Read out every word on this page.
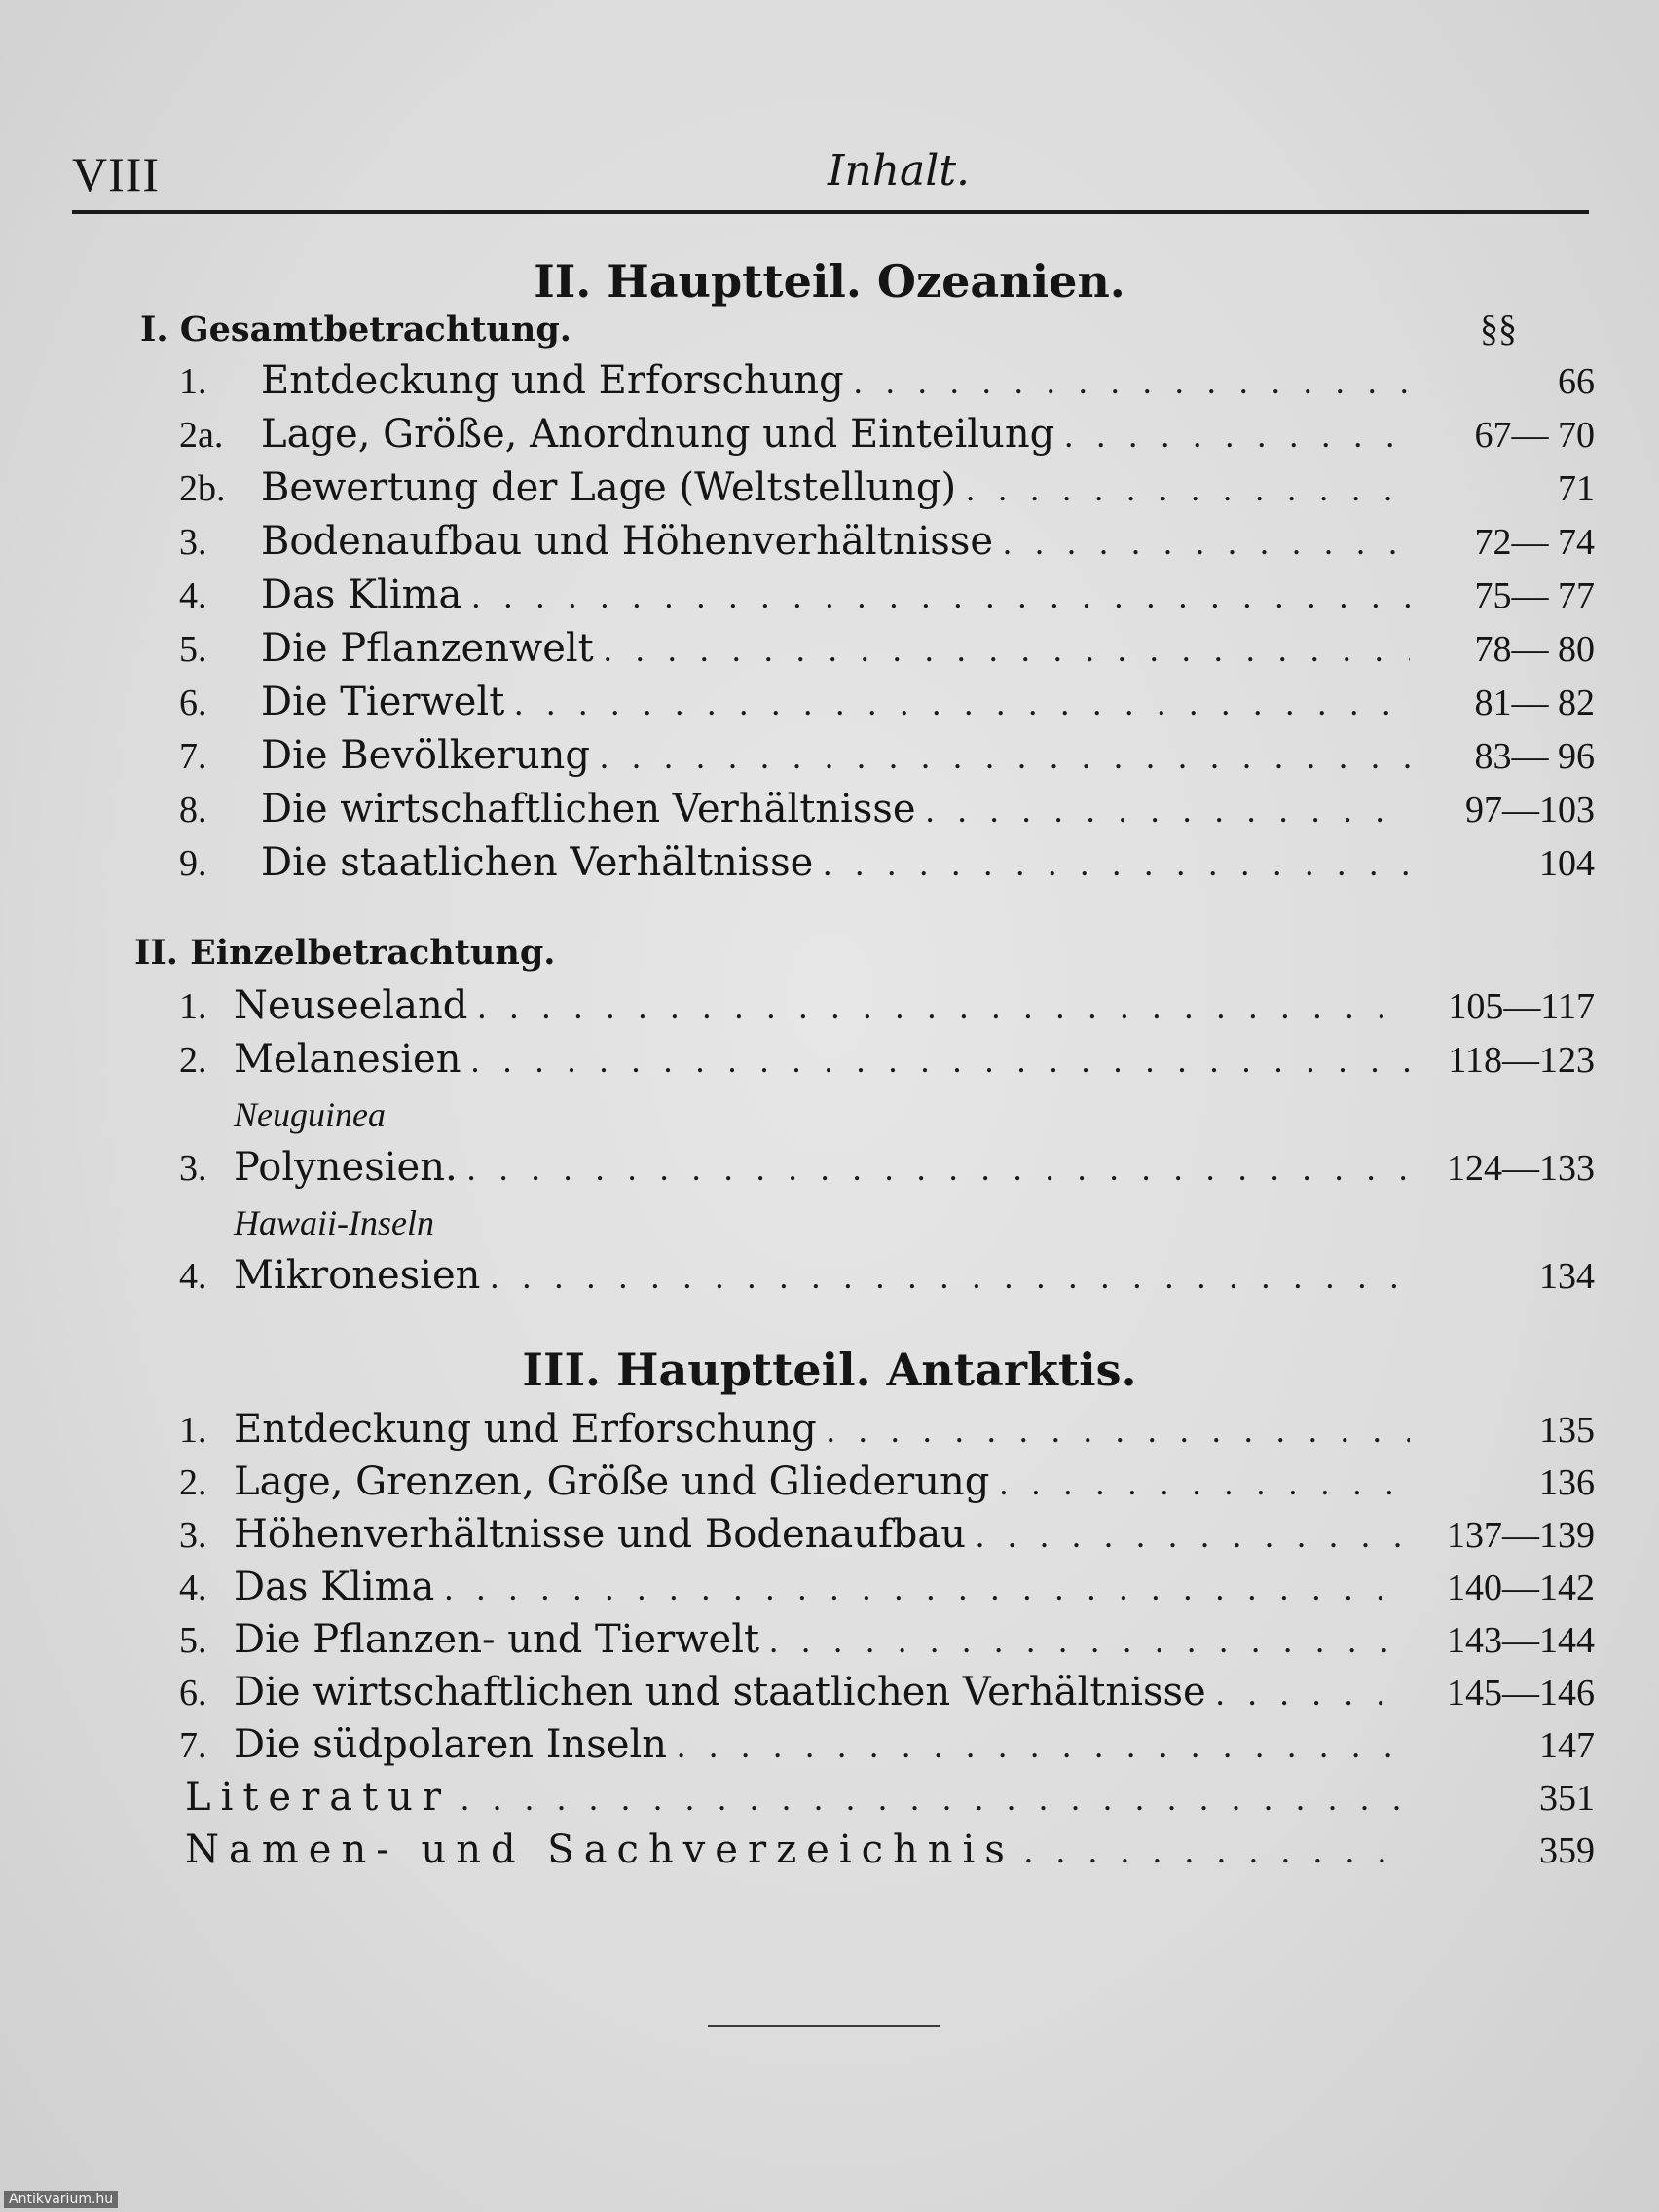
VIII	Inhalt.
II. Hauptteil. Ozeanien.
I. Gesamtbetrachtung.	§§
1.	Entdeckung und Erforschung . . .	66
2a. Lage, Größe, Anordnung und Einteilung . . .	67— 70
2b. Bewertung der Lage (Weltstellung) . . .	71
3.	Bodenaufbau und Höhenverhältnisse . . .	72— 74
4.	Das Klima . . .	75— 77
5.	Die Pflanzenwelt . . .	78— 80
6.	Die Tierwelt . . .	81— 82
7.	Die Bevölkerung . . .	83— 96
8.	Die wirtschaftlichen Verhältnisse . . .	97—103
9.	Die staatlichen Verhältnisse . . .	104
II. Einzelbetrachtung.
1. Neuseeland . . .	105—117
2. Melanesien . . .	118—123
Neuguinea
3. Polynesien. . . .	124—133
Hawaii-Inseln
4. Mikronesien . . .	134
III. Hauptteil. Antarktis.
1. Entdeckung und Erforschung . . .	135
2. Lage, Grenzen, Größe und Gliederung . . .	136
3. Höhenverhältnisse und Bodenaufbau . . .	137—139
4. Das Klima . . .	140—142
5. Die Pflanzen- und Tierwelt . . .	143—144
6. Die wirtschaftlichen und staatlichen Verhältnisse . . .	145—146
7. Die südpolaren Inseln . . .	147
Literatur . . .	351
Namen- und Sachverzeichnis . . .	359
Antikvarium.hu
